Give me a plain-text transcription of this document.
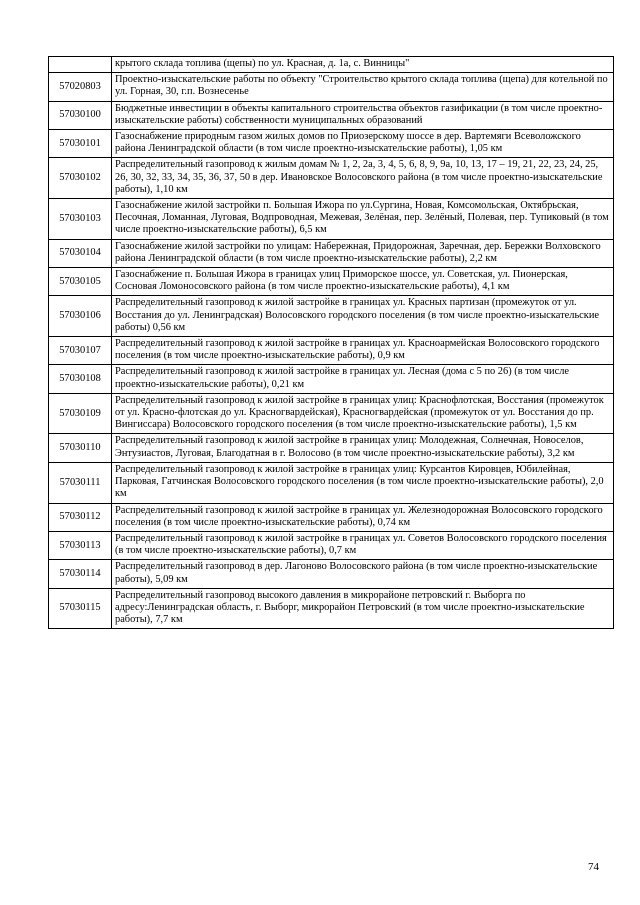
	крытого склада топлива (щепы) по ул. Красная, д. 1а, с. Винницы"
57020803	Проектно-изыскательские работы по объекту "Строительство крытого склада топлива (щепа) для котельной по ул. Горная, 30, г.п. Вознесенье
57030100	Бюджетные инвестиции в объекты капитального строительства объектов газификации (в том числе проектно-изыскательские работы) собственности муниципальных образований
57030101	Газоснабжение природным газом жилых домов по Приозерскому шоссе в дер. Вартемяги Всеволожского района Ленинградской области (в том числе проектно-изыскательские работы), 1,05 км
57030102	Распределительный газопровод к жилым домам № 1, 2, 2а, 3, 4, 5, 6, 8, 9, 9а, 10, 13, 17 – 19, 21, 22, 23, 24, 25, 26, 30, 32, 33, 34, 35, 36, 37, 50 в дер. Ивановское Волосовского района (в том числе проектно-изыскательские работы), 1,10 км
57030103	Газоснабжение жилой застройки п. Большая Ижора по ул.Сургина, Новая, Комсомольская, Октябрьская, Песочная, Ломанная, Луговая, Водпроводная, Межевая, Зелёная, пер. Зелёный, Полевая, пер. Тупиковый (в том числе проектно-изыскательские работы), 6,5 км
57030104	Газоснабжение жилой застройки по улицам: Набережная, Придорожная, Заречная, дер. Бережки Волховского района Ленинградской области (в том числе проектно-изыскательские работы), 2,2 км
57030105	Газоснабжение п. Большая Ижора в границах улиц Приморское шоссе, ул. Советская, ул. Пионерская, Сосновая Ломоносовского района (в том числе проектно-изыскательские работы), 4,1 км
57030106	Распределительный газопровод к жилой застройке в границах ул. Красных партизан (промежуток от ул. Восстания до ул. Ленинградская) Волосовского городского поселения (в том числе проектно-изыскательские работы) 0,56 км
57030107	Распределительный газопровод к жилой застройке в границах ул. Красноармейская Волосовского городского поселения (в том числе проектно-изыскательские работы), 0,9 км
57030108	Распределительный газопровод к жилой застройке в границах ул. Лесная (дома с 5 по 26) (в том числе проектно-изыскательские работы), 0,21 км
57030109	Распределительный газопровод к жилой застройке в границах улиц: Краснофлотская, Восстания (промежуток от ул. Красно-флотская до ул. Красногвардейская), Красногвардейская (промежуток от ул. Восстания до пр. Вингиссара) Волосовского городского поселения (в том числе проектно-изыскательские работы), 1,5 км
57030110	Распределительный газопровод к жилой застройке в границах улиц: Молодежная, Солнечная, Новоселов, Энтузиастов, Луговая, Благодатная в г. Волосово (в том числе проектно-изыскательские работы), 3,2 км
57030111	Распределительный газопровод к жилой застройке в границах улиц: Курсантов Кировцев, Юбилейная, Парковая, Гатчинская Волосовского городского поселения (в том числе проектно-изыскательские работы), 2,0 км
57030112	Распределительный газопровод к жилой застройке в границах ул. Железнодорожная Волосовского городского поселения (в том числе проектно-изыскательские работы), 0,74 км
57030113	Распределительный газопровод к жилой застройке в границах ул. Советов Волосовского городского поселения (в том числе проектно-изыскательские работы), 0,7 км
57030114	Распределительный газопровод в дер. Лагоново Волосовского района (в том числе проектно-изыскательские работы), 5,09 км
57030115	Распределительный газопровод высокого давления в микрорайоне петровский г. Выборга по адресу:Ленинградская область, г. Выборг, микрорайон Петровский (в том числе проектно-изыскательские работы), 7,7 км
74
